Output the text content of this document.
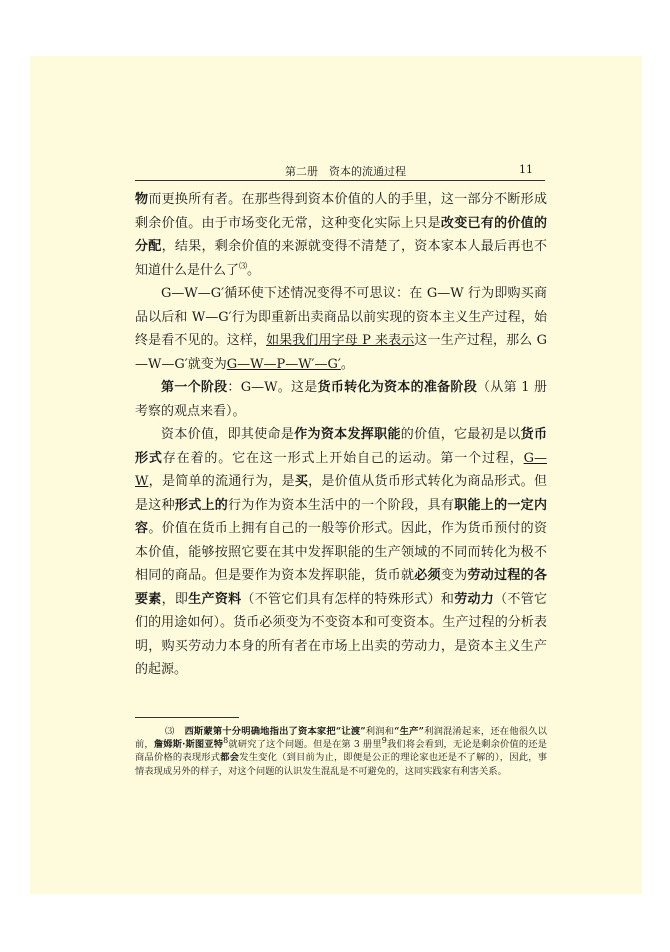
第二册　资本的流通过程	11

物而更换所有者。在那些得到资本价值的人的手里，这一部分不断形成剩余价值。由于市场变化无常，这种变化实际上只是改变已有的价值的分配，结果，剩余价值的来源就变得不清楚了，资本家本人最后再也不知道什么是什么了⑶。

G—W—G′循环使下述情况变得不可思议：在 G—W 行为即购买商品以后和 W—G′行为即重新出卖商品以前实现的资本主义生产过程，始终是看不见的。这样，如果我们用字母 P 来表示这一生产过程，那么 G—W—G′就变为G—W—P—W′—G′。

第一个阶段：G—W。这是货币转化为资本的准备阶段（从第 1 册考察的观点来看）。

资本价值，即其使命是作为资本发挥职能的价值，它最初是以货币形式存在着的。它在这一形式上开始自己的运动。第一个过程，G—W，是简单的流通行为，是买，是价值从货币形式转化为商品形式。但是这种形式上的行为作为资本生活中的一个阶段，具有职能上的一定内容。价值在货币上拥有自己的一般等价形式。因此，作为货币预付的资本价值，能够按照它要在其中发挥职能的生产领域的不同而转化为极不相同的商品。但是要作为资本发挥职能，货币就必须变为劳动过程的各要素，即生产资料（不管它们具有怎样的特殊形式）和劳动力（不管它们的用途如何）。货币必须变为不变资本和可变资本。生产过程的分析表明，购买劳动力本身的所有者在市场上出卖的劳动力，是资本主义生产的起源。

⑶ 西斯蒙第十分明确地指出了资本家把“让渡”利润和“生产”利润混淆起来，还在他很久以前，詹姆斯·斯图亚特$^8$就研究了这个问题。但是在第 3 册里$^9$我们将会看到，无论是剩余价值的还是商品价格的表现形式都会发生变化（到目前为止，即便是公正的理论家也还是不了解的），因此，事情表现成另外的样子，对这个问题的认识发生混乱是不可避免的，这同实践家有利害关系。
